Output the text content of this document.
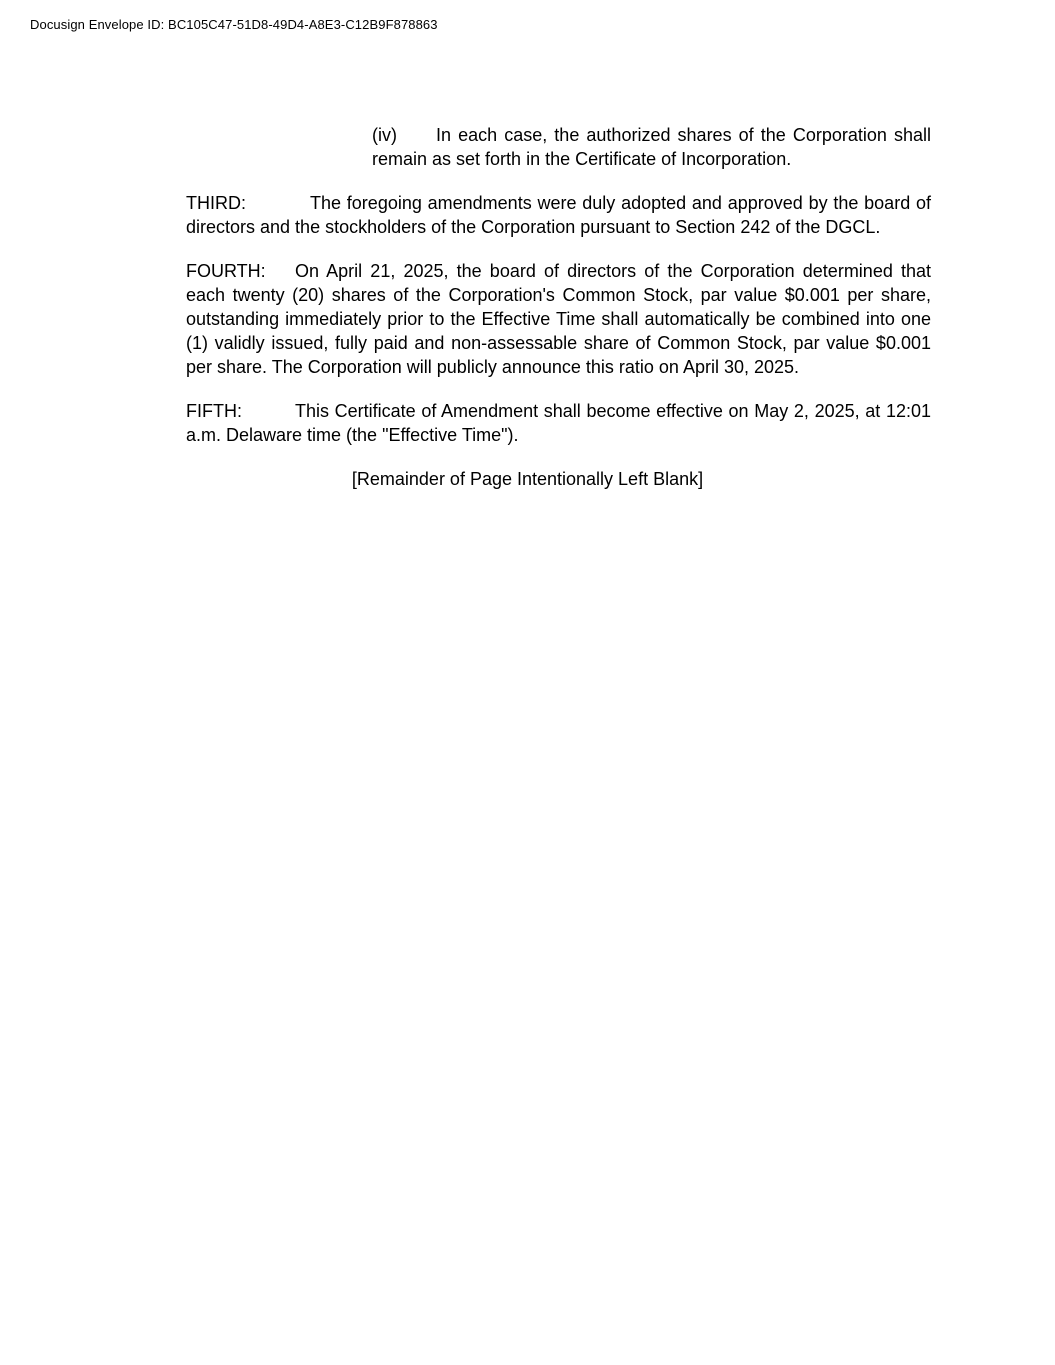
Docusign Envelope ID: BC105C47-51D8-49D4-A8E3-C12B9F878863

(iv) In each case, the authorized shares of the Corporation shall remain as set forth in the Certificate of Incorporation.

THIRD:	The foregoing amendments were duly adopted and approved by the board of directors and the stockholders of the Corporation pursuant to Section 242 of the DGCL.

FOURTH: On April 21, 2025, the board of directors of the Corporation determined that each twenty (20) shares of the Corporation's Common Stock, par value $0.001 per share, outstanding immediately prior to the Effective Time shall automatically be combined into one (1) validly issued, fully paid and non-assessable share of Common Stock, par value $0.001 per share. The Corporation will publicly announce this ratio on April 30, 2025.

FIFTH:	This Certificate of Amendment shall become effective on May 2, 2025, at 12:01 a.m. Delaware time (the "Effective Time").

[Remainder of Page Intentionally Left Blank]
